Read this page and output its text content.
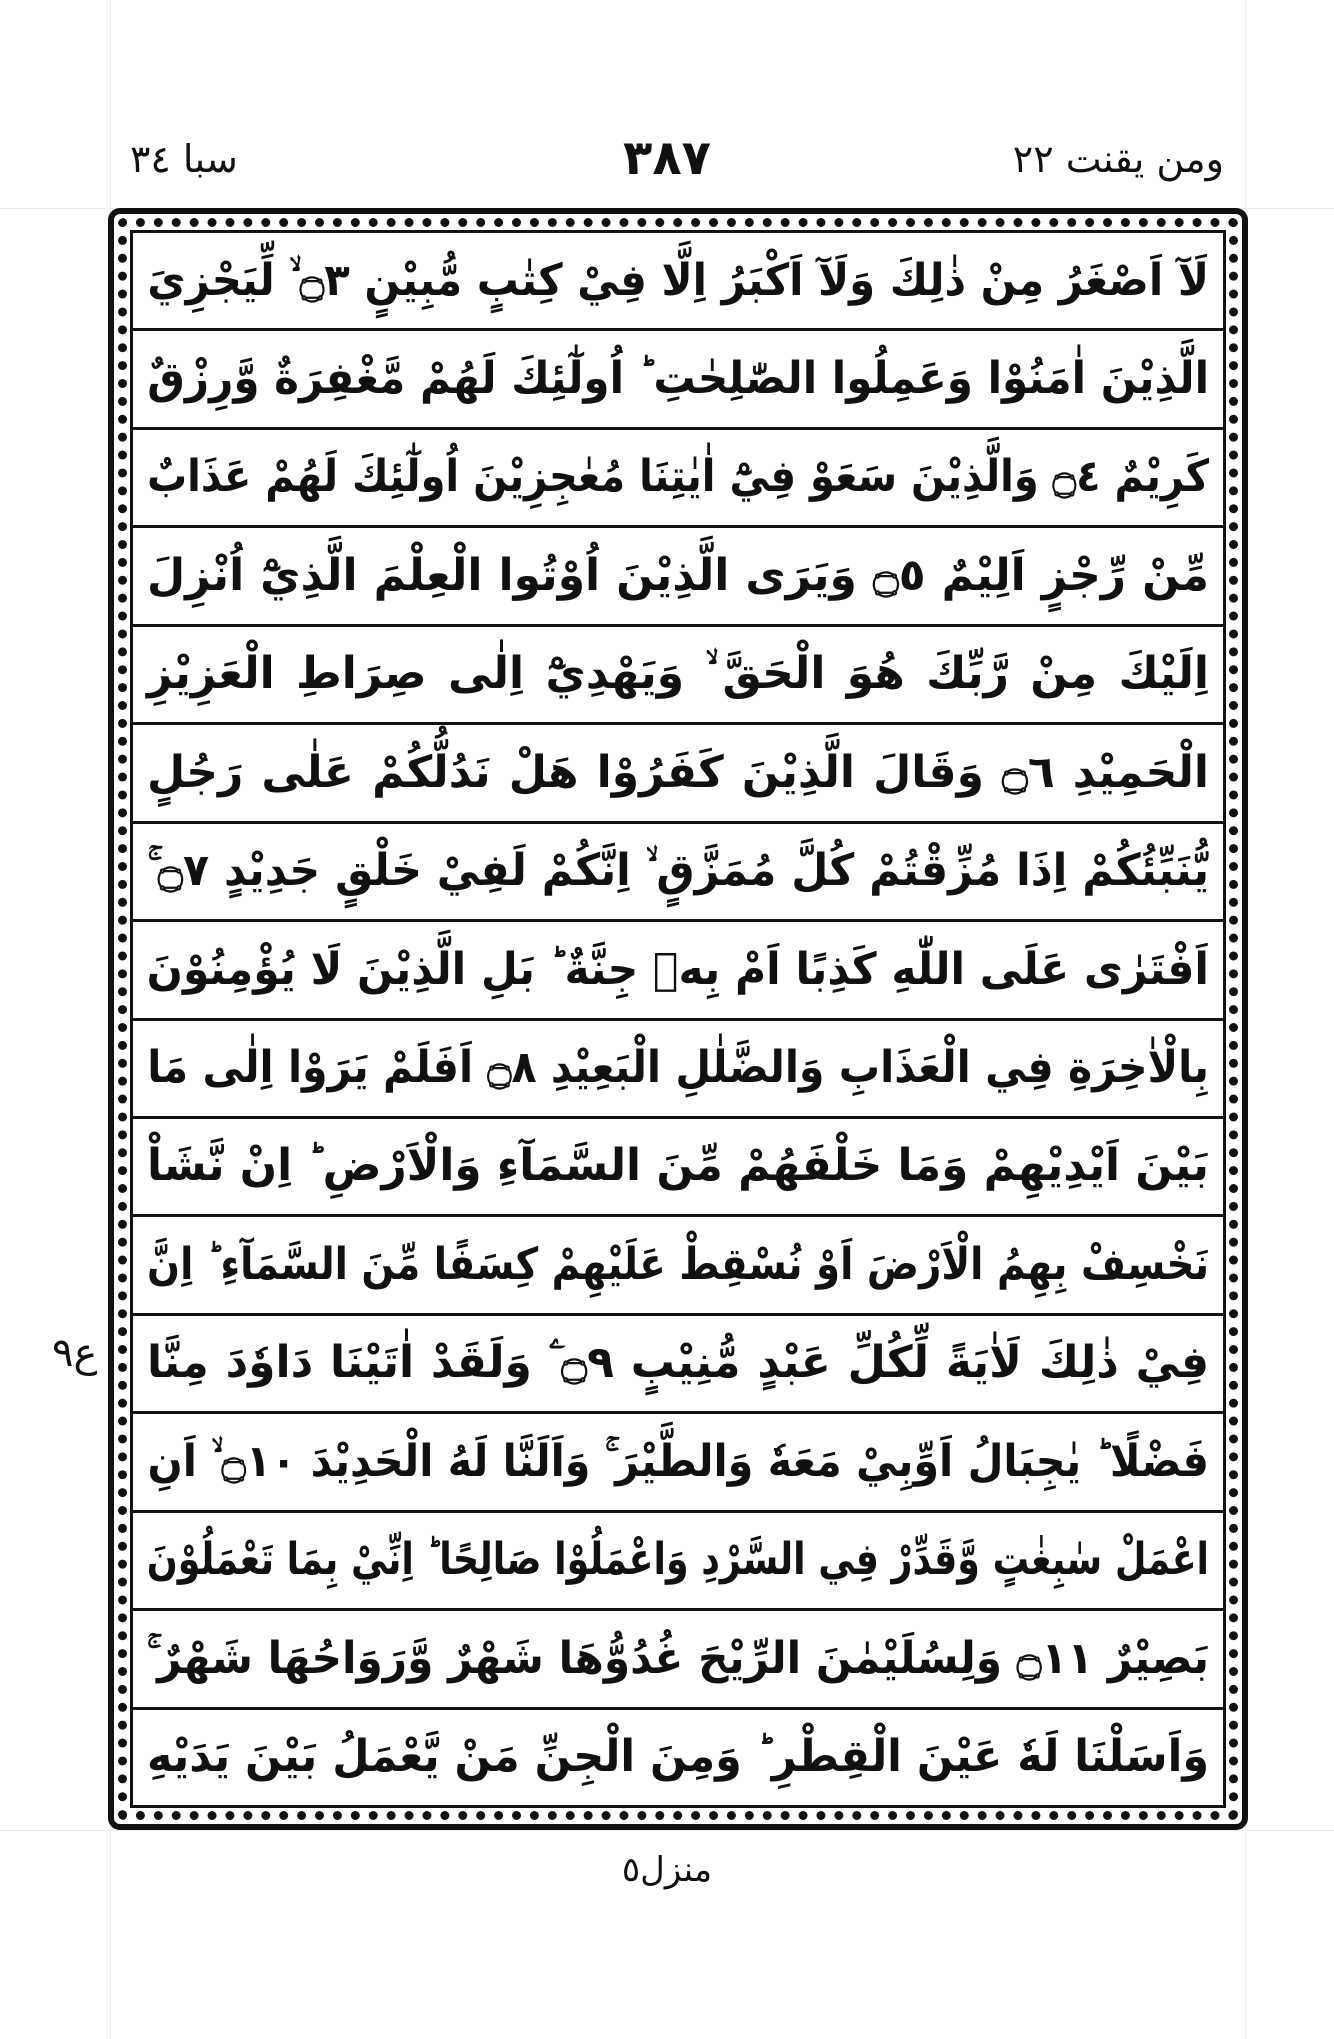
ومن يقنت ٢٢
٣٨٧
سبا ٣٤
لَآ اَصْغَرُ مِنْ ذٰلِكَ وَلَآ اَكْبَرُ اِلَّا فِيْ كِتٰبٍ مُّبِيْنٍ ۝٣ ۙ لِّيَجْزِيَ
الَّذِيْنَ اٰمَنُوْا وَعَمِلُوا الصّٰلِحٰتِ ؕ اُولٰٓئِكَ لَهُمْ مَّغْفِرَةٌ وَّرِزْقٌ
كَرِيْمٌ ۝٤ وَالَّذِيْنَ سَعَوْ فِيْٓ اٰيٰتِنَا مُعٰجِزِيْنَ اُولٰٓئِكَ لَهُمْ عَذَابٌ
مِّنْ رِّجْزٍ اَلِيْمٌ ۝٥ وَيَرَى الَّذِيْنَ اُوْتُوا الْعِلْمَ الَّذِيْٓ اُنْزِلَ
اِلَيْكَ مِنْ رَّبِّكَ هُوَ الْحَقَّ ۙ وَيَهْدِيْٓ اِلٰى صِرَاطِ الْعَزِيْزِ
الْحَمِيْدِ ۝٦ وَقَالَ الَّذِيْنَ كَفَرُوْا هَلْ نَدُلُّكُمْ عَلٰى رَجُلٍ
يُّنَبِّئُكُمْ اِذَا مُزِّقْتُمْ كُلَّ مُمَزَّقٍ ۙ اِنَّكُمْ لَفِيْ خَلْقٍ جَدِيْدٍ ۝٧ ۚ
اَفْتَرٰى عَلَى اللّٰهِ كَذِبًا اَمْ بِهٖ جِنَّةٌ ؕ بَلِ الَّذِيْنَ لَا يُؤْمِنُوْنَ
بِالْاٰخِرَةِ فِي الْعَذَابِ وَالضَّلٰلِ الْبَعِيْدِ ۝٨ اَفَلَمْ يَرَوْا اِلٰى مَا
بَيْنَ اَيْدِيْهِمْ وَمَا خَلْفَهُمْ مِّنَ السَّمَآءِ وَالْاَرْضِ ؕ اِنْ نَّشَاْ
نَخْسِفْ بِهِمُ الْاَرْضَ اَوْ نُسْقِطْ عَلَيْهِمْ كِسَفًا مِّنَ السَّمَآءِ ؕ اِنَّ
فِيْ ذٰلِكَ لَاٰيَةً لِّكُلِّ عَبْدٍ مُّنِيْبٍ ۝٩ ۧ وَلَقَدْ اٰتَيْنَا دَاوٗدَ مِنَّا
فَضْلًا ؕ يٰجِبَالُ اَوِّبِيْ مَعَهٗ وَالطَّيْرَ ۚ وَاَلَنَّا لَهُ الْحَدِيْدَ ۝١٠ ۙ اَنِ
اعْمَلْ سٰبِغٰتٍ وَّقَدِّرْ فِي السَّرْدِ وَاعْمَلُوْا صَالِحًا ؕ اِنِّيْ بِمَا تَعْمَلُوْنَ
بَصِيْرٌ ۝١١ وَلِسُلَيْمٰنَ الرِّيْحَ غُدُوُّهَا شَهْرٌ وَّرَوَاحُهَا شَهْرٌ ۚ
وَاَسَلْنَا لَهٗ عَيْنَ الْقِطْرِ ؕ وَمِنَ الْجِنِّ مَنْ يَّعْمَلُ بَيْنَ يَدَيْهِ
ع٩
منزل٥
